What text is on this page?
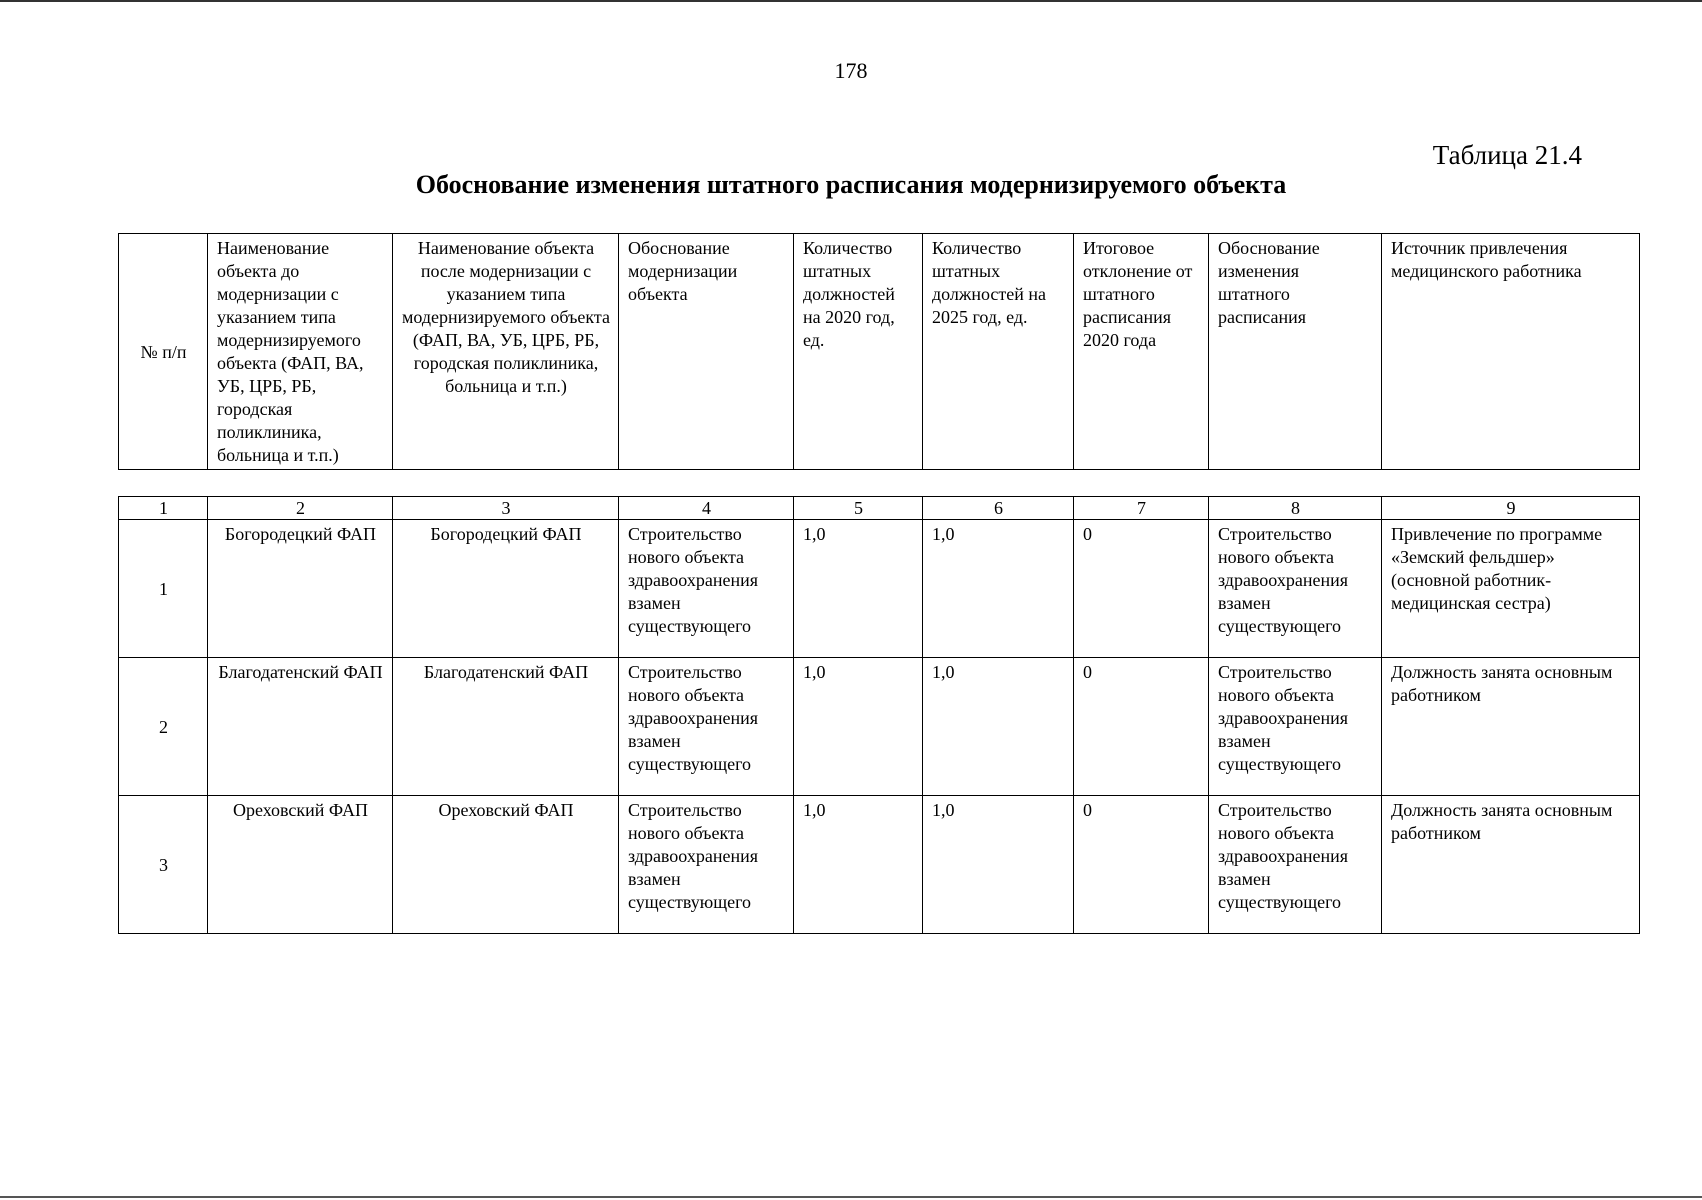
178
Таблица 21.4
Обоснование изменения штатного расписания модернизируемого объекта
№ п/п	Наименование объекта до модернизации с указанием типа модернизируемого объекта (ФАП, ВА, УБ, ЦРБ, РБ, городская поликлиника, больница и т.п.)	Наименование объекта после модернизации с указанием типа модернизируемого объекта (ФАП, ВА, УБ, ЦРБ, РБ, городская поликлиника, больница и т.п.)	Обоснование модернизации объекта	Количество штатных должностей на 2020 год, ед.	Количество штатных должностей на 2025 год, ед.	Итоговое отклонение от штатного расписания 2020 года	Обоснование изменения штатного расписания	Источник привлечения медицинского работника
1	2	3	4	5	6	7	8	9
1	Богородецкий ФАП	Богородецкий ФАП	Строительство нового объекта здравоохранения взамен существующего	1,0	1,0	0	Строительство нового объекта здравоохранения взамен существующего	Привлечение по программе «Земский фельдшер» (основной работник- медицинская сестра)
2	Благодатенский ФАП	Благодатенский ФАП	Строительство нового объекта здравоохранения взамен существующего	1,0	1,0	0	Строительство нового объекта здравоохранения взамен существующего	Должность занята основным работником
3	Ореховский ФАП	Ореховский ФАП	Строительство нового объекта здравоохранения взамен существующего	1,0	1,0	0	Строительство нового объекта здравоохранения взамен существующего	Должность занята основным работником
